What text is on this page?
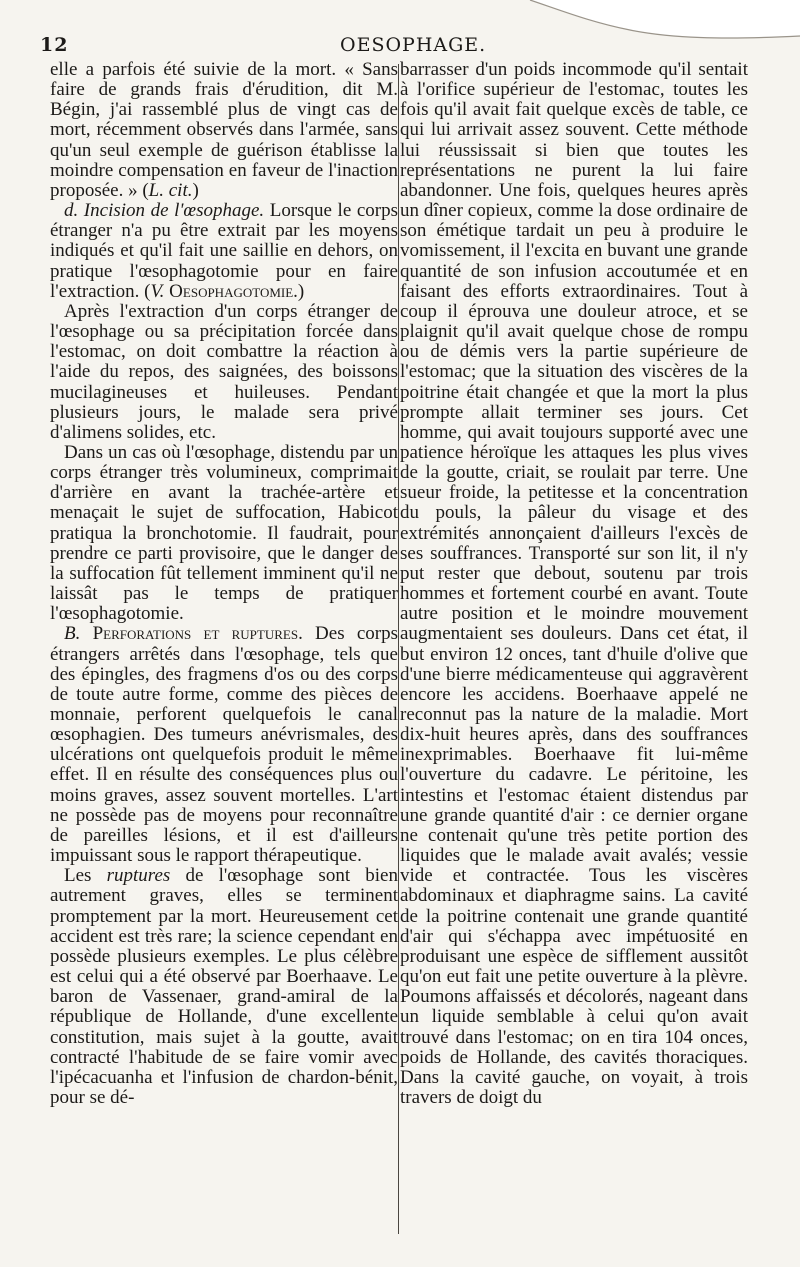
12	OESOPHAGE.

elle a parfois été suivie de la mort. « Sans faire de grands frais d'érudition, dit M. Bégin, j'ai rassemblé plus de vingt cas de mort, récemment observés dans l'armée, sans qu'un seul exemple de guérison établisse la moindre compensation en faveur de l'inaction proposée. » (L. cit.)

d. Incision de l'œsophage. Lorsque le corps étranger n'a pu être extrait par les moyens indiqués et qu'il fait une saillie en dehors, on pratique l'œsophagotomie pour en faire l'extraction. (V. Oesophagotomie.)

Après l'extraction d'un corps étranger de l'œsophage ou sa précipitation forcée dans l'estomac, on doit combattre la réaction à l'aide du repos, des saignées, des boissons mucilagineuses et huileuses. Pendant plusieurs jours, le malade sera privé d'alimens solides, etc.

Dans un cas où l'œsophage, distendu par un corps étranger très volumineux, comprimait d'arrière en avant la trachée-artère et menaçait le sujet de suffocation, Habicot pratiqua la bronchotomie. Il faudrait, pour prendre ce parti provisoire, que le danger de la suffocation fût tellement imminent qu'il ne laissât pas le temps de pratiquer l'œsophagotomie.

B. Perforations et ruptures. Des corps étrangers arrêtés dans l'œsophage, tels que des épingles, des fragmens d'os ou des corps de toute autre forme, comme des pièces de monnaie, perforent quelquefois le canal œsophagien. Des tumeurs anévrismales, des ulcérations ont quelquefois produit le même effet. Il en résulte des conséquences plus ou moins graves, assez souvent mortelles. L'art ne possède pas de moyens pour reconnaître de pareilles lésions, et il est d'ailleurs impuissant sous le rapport thérapeutique.

Les ruptures de l'œsophage sont bien autrement graves, elles se terminent promptement par la mort. Heureusement cet accident est très rare; la science cependant en possède plusieurs exemples. Le plus célèbre est celui qui a été observé par Boerhaave. Le baron de Vassenaer, grand-amiral de la république de Hollande, d'une excellente constitution, mais sujet à la goutte, avait contracté l'habitude de se faire vomir avec l'ipécacuanha et l'infusion de chardon-bénit, pour se dé-

barrasser d'un poids incommode qu'il sentait à l'orifice supérieur de l'estomac, toutes les fois qu'il avait fait quelque excès de table, ce qui lui arrivait assez souvent. Cette méthode lui réussissait si bien que toutes les représentations ne purent la lui faire abandonner. Une fois, quelques heures après un dîner copieux, comme la dose ordinaire de son émétique tardait un peu à produire le vomissement, il l'excita en buvant une grande quantité de son infusion accoutumée et en faisant des efforts extraordinaires. Tout à coup il éprouva une douleur atroce, et se plaignit qu'il avait quelque chose de rompu ou de démis vers la partie supérieure de l'estomac; que la situation des viscères de la poitrine était changée et que la mort la plus prompte allait terminer ses jours. Cet homme, qui avait toujours supporté avec une patience héroïque les attaques les plus vives de la goutte, criait, se roulait par terre. Une sueur froide, la petitesse et la concentration du pouls, la pâleur du visage et des extrémités annonçaient d'ailleurs l'excès de ses souffrances. Transporté sur son lit, il n'y put rester que debout, soutenu par trois hommes et fortement courbé en avant. Toute autre position et le moindre mouvement augmentaient ses douleurs. Dans cet état, il but environ 12 onces, tant d'huile d'olive que d'une bierre médicamenteuse qui aggravèrent encore les accidens. Boerhaave appelé ne reconnut pas la nature de la maladie. Mort dix-huit heures après, dans des souffrances inexprimables. Boerhaave fit lui-même l'ouverture du cadavre. Le péritoine, les intestins et l'estomac étaient distendus par une grande quantité d'air : ce dernier organe ne contenait qu'une très petite portion des liquides que le malade avait avalés; vessie vide et contractée. Tous les viscères abdominaux et diaphragme sains. La cavité de la poitrine contenait une grande quantité d'air qui s'échappa avec impétuosité en produisant une espèce de sifflement aussitôt qu'on eut fait une petite ouverture à la plèvre. Poumons affaissés et décolorés, nageant dans un liquide semblable à celui qu'on avait trouvé dans l'estomac; on en tira 104 onces, poids de Hollande, des cavités thoraciques. Dans la cavité gauche, on voyait, à trois travers de doigt du
